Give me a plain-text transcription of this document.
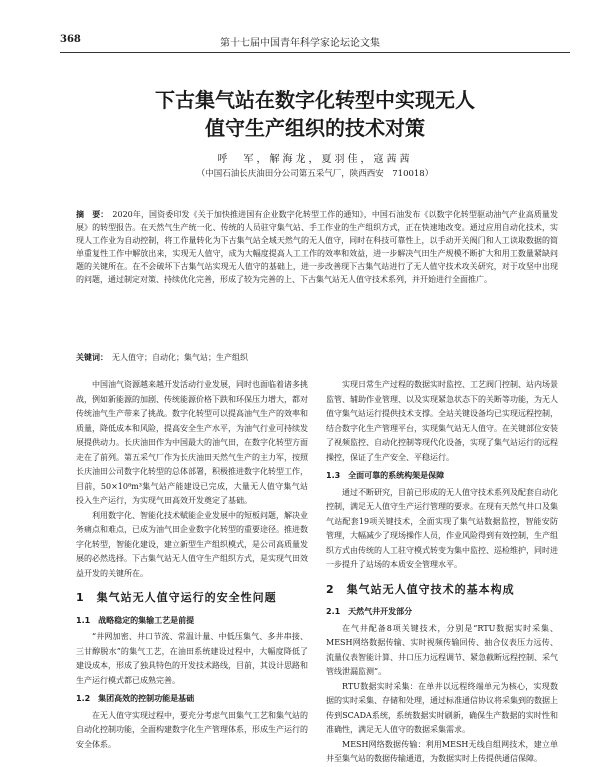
368	第十七届中国青年科学家论坛论文集
下古集气站在数字化转型中实现无人
值守生产组织的技术对策
呼　军，解海龙，夏羽佳，寇茜茜
（中国石油长庆油田分公司第五采气厂，陕西西安　710018）
摘　要： 2020年，国资委印发《关于加快推进国有企业数字化转型工作的通知》，中国石油发布《以数字化转型驱动油气产业高质量发展》的转型报告。在天然气生产统一化、传统的人员驻守集气站、手工作业的生产组织方式，正在快速地改变。通过应用自动化技术，实现人工作业为自动控制，将工作量转化为下古集气站全域天然气的无人值守，同时在科技可靠性上，以手动开关阀门和人工读取数据的简单重复性工作中解放出来，实现无人值守，成为大幅度提高人工工作的效率和效益，进一步解决气田生产规模不断扩大和用工数量紧缺问题的关键所在。在不会破坏下古集气站实现无人值守的基础上，进一步改善现下古集气站进行了无人值守技术攻关研究，对于攻坚中出现的问题，通过制定对策、持续优化完善，形成了较为完善的上、下古集气站无人值守技术系列，并开始进行全面推广。
关键词： 无人值守；自动化；集气站；生产组织

中国油气资源越来越开发活动行业发展，同时也面临着诸多挑战，例如新能源的加剧、传统能源价格下跌和环保压力增大，都对传统油气生产带来了挑战。数字化转型可以提高油气生产的效率和质量，降低成本和风险，提高安全生产水平，为油气行业可持续发展提供动力。长庆油田作为中国最大的油气田，在数字化转型方面走在了前列。第五采气厂作为长庆油田天然气生产的主力军，按照长庆油田公司数字化转型的总体部署，积极推进数字化转型工作，目前，50×10⁸m³集气站产能建设已完成，大量无人值守集气站投入生产运行，为实现气田高效开发奠定了基础。

利用数字化、智能化技术赋能企业发展中的短板问题，解决业务痛点和难点，已成为油气田企业数字化转型的重要途径。推进数字化转型，智能化建设，建立新型生产组织模式，是公司高质量发展的必然选择。下古集气站无人值守生产组织方式，是实现气田效益开发的关键所在。

1　集气站无人值守运行的安全性问题
1.1　战略稳定的集输工艺是前提

“井网加密、井口节流、常温计量、中低压集气、多井串接、三甘醇脱水”的集气工艺，在油田系统建设过程中，大幅度降低了建设成本，形成了独具特色的开发技术路线，目前，其设计思路和生产运行模式都已成熟完善。

1.2　集团高效的控制功能是基础

在无人值守实现过程中，要充分考虑气田集气工艺和集气站的自动化控制功能，全面构建数字化生产管理体系，形成生产运行的安全体系。

实现日常生产过程的数据实时监控、工艺阀门控制、站内场景监管、辅助作业管理、以及实现紧急状态下的关断等功能，为无人值守集气站运行提供技术支撑。全站关键设备均已实现远程控制，结合数字化生产管理平台，实现集气站无人值守。在关键部位安装了视频监控、自动化控制等现代化设备，实现了集气站运行的远程操控，保证了生产安全、平稳运行。

1.3　全面可靠的系统构架是保障

通过不断研究，目前已形成的无人值守技术系列及配套自动化控制，满足无人值守生产运行管理的要求。在现有天然气井口及集气站配套19项关键技术，全面实现了集气站数据监控，智能安防管理，大幅减少了现场操作人员，作业风险得到有效控制，生产组织方式由传统的人工驻守模式转变为集中监控、巡检维护，同时进一步提升了站场的本质安全管理水平。

2　集气站无人值守技术的基本构成
2.1　天然气井开发部分

在气井配备8项关键技术，分别是“RTU数据实时采集、MESH网络数据传输、实时视频传输回传、抽合仪表压力远传、流量仪表智能计算、井口压力远程调节、紧急截断远程控制、采气管线泄漏监测”。

RTU数据实时采集：在单井以远程终端单元为核心，实现数据的实时采集、存储和处理，通过标准通信协议将采集到的数据上传到SCADA系统，系统数据实时刷新，确保生产数据的实时性和准确性，满足无人值守的数据采集需求。

MESH网络数据传输：利用MESH无线自组网技术，建立单井至集气站的数据传输通道，为数据实时上传提供通信保障。
